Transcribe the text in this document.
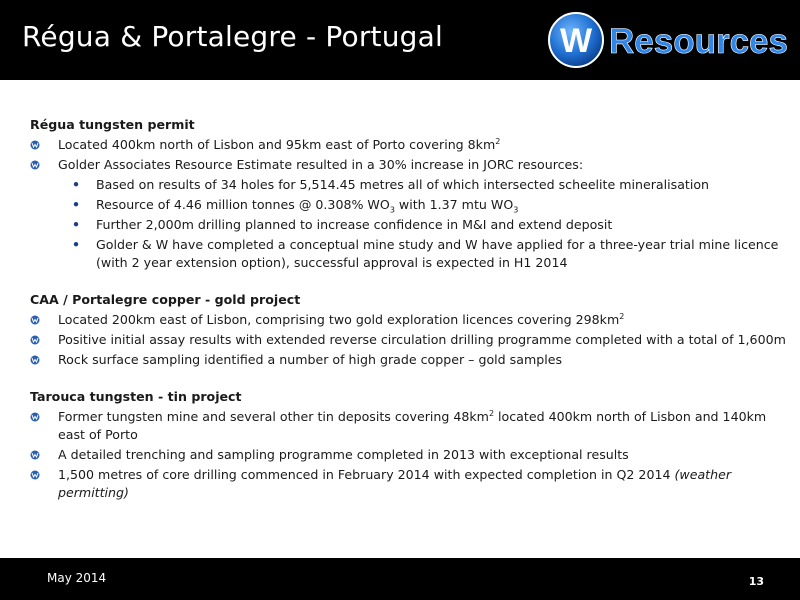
Régua & Portalegre - Portugal	W Resources
Régua tungsten permit
Located 400km north of Lisbon and 95km east of Porto covering $8km^2$
Golder Associates Resource Estimate resulted in a 30% increase in JORC resources:
• Based on results of 34 holes for 5,514.45 metres all of which intersected scheelite mineralisation
• Resource of 4.46 million tonnes @ 0.308% $WO_3$ with 1.37 mtu $WO_3$
• Further 2,000m drilling planned to increase confidence in M&I and extend deposit
• Golder & W have completed a conceptual mine study and W have applied for a three-year trial mine licence (with 2 year extension option), successful approval is expected in H1 2014
CAA / Portalegre copper - gold project
Located 200km east of Lisbon, comprising two gold exploration licences covering $298km^2$
Positive initial assay results with extended reverse circulation drilling programme completed with a total of 1,600m
Rock surface sampling identified a number of high grade copper – gold samples
Tarouca tungsten - tin project
Former tungsten mine and several other tin deposits covering $48km^2$ located 400km north of Lisbon and 140km east of Porto
A detailed trenching and sampling programme completed in 2013 with exceptional results
1,500 metres of core drilling commenced in February 2014 with expected completion in Q2 2014 (weather permitting)
May 2014	13
